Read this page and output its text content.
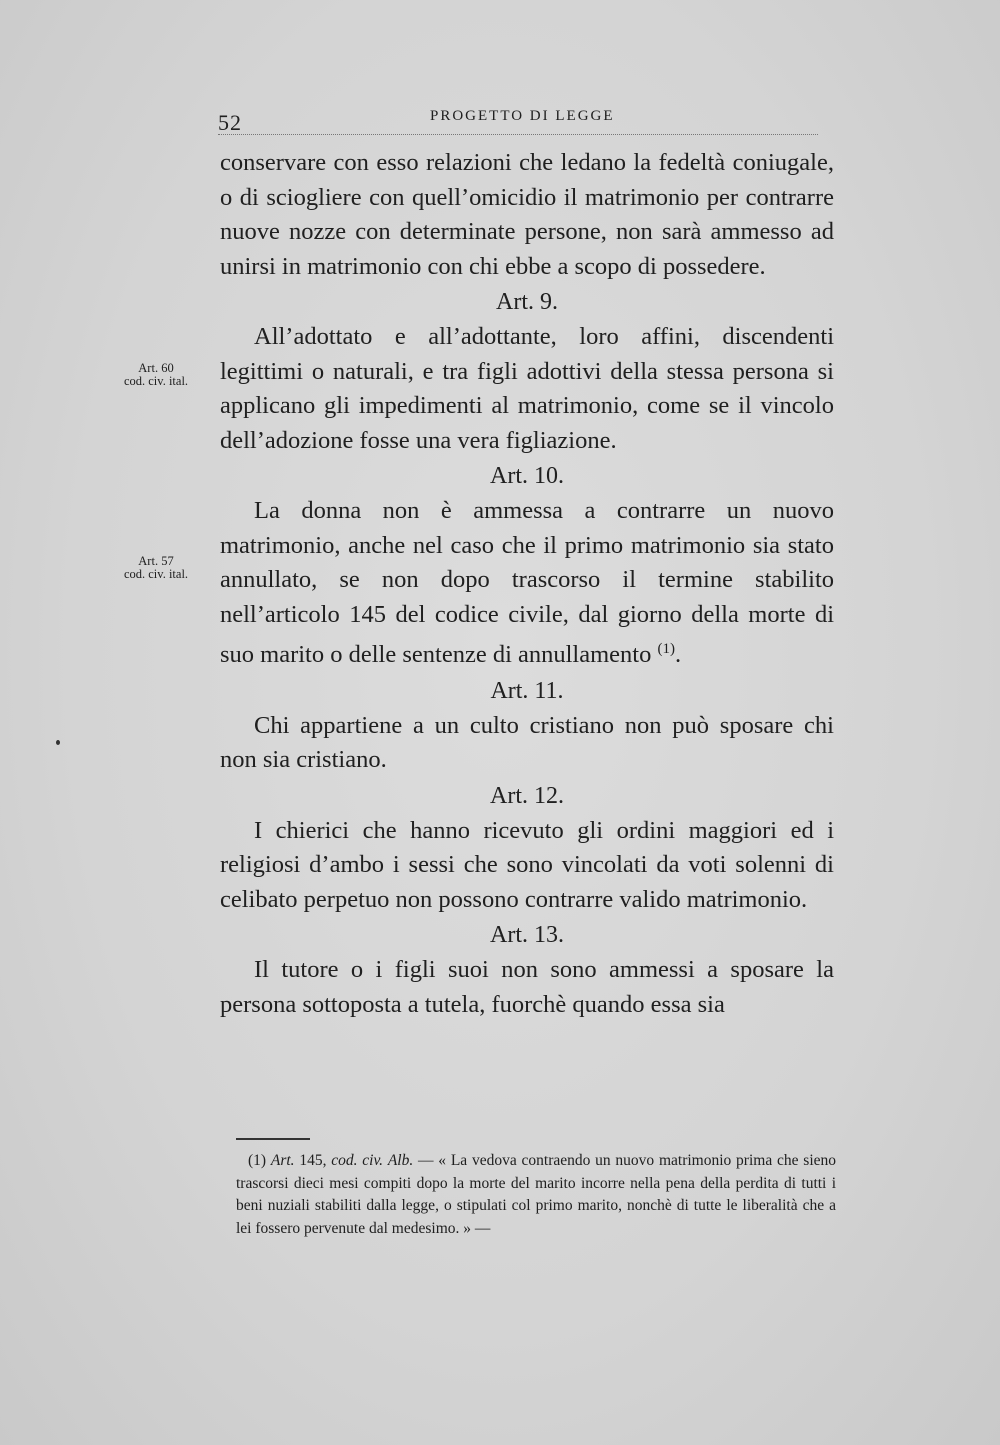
52	PROGETTO DI LEGGE
Art. 60
cod. civ. ital.
Art. 57
cod. civ. ital.

conservare con esso relazioni che ledano la fedeltà coniugale, o di sciogliere con quell’omicidio il matrimonio per contrarre nuove nozze con determinate persone, non sarà ammesso ad unirsi in matrimonio con chi ebbe a scopo di possedere.

Art. 9.

All’adottato e all’adottante, loro affini, discendenti legittimi o naturali, e tra figli adottivi della stessa persona si applicano gli impedimenti al matrimonio, come se il vincolo dell’adozione fosse una vera figliazione.

Art. 10.

La donna non è ammessa a contrarre un nuovo matrimonio, anche nel caso che il primo matrimonio sia stato annullato, se non dopo trascorso il termine stabilito nell’articolo 145 del codice civile, dal giorno della morte di suo marito o delle sentenze di annullamento $^{(1)}$.

Art. 11.

Chi appartiene a un culto cristiano non può sposare chi non sia cristiano.

Art. 12.

I chierici che hanno ricevuto gli ordini maggiori ed i religiosi d’ambo i sessi che sono vincolati da voti solenni di celibato perpetuo non possono contrarre valido matrimonio.

Art. 13.

Il tutore o i figli suoi non sono ammessi a sposare la persona sottoposta a tutela, fuorchè quando essa sia

(1) Art. 145, cod. civ. Alb. — « La vedova contraendo un nuovo matrimonio prima che sieno trascorsi dieci mesi compiti dopo la morte del marito incorre nella pena della perdita di tutti i beni nuziali stabiliti dalla legge, o stipulati col primo marito, nonchè di tutte le liberalità che a lei fossero pervenute dal medesimo. » —
